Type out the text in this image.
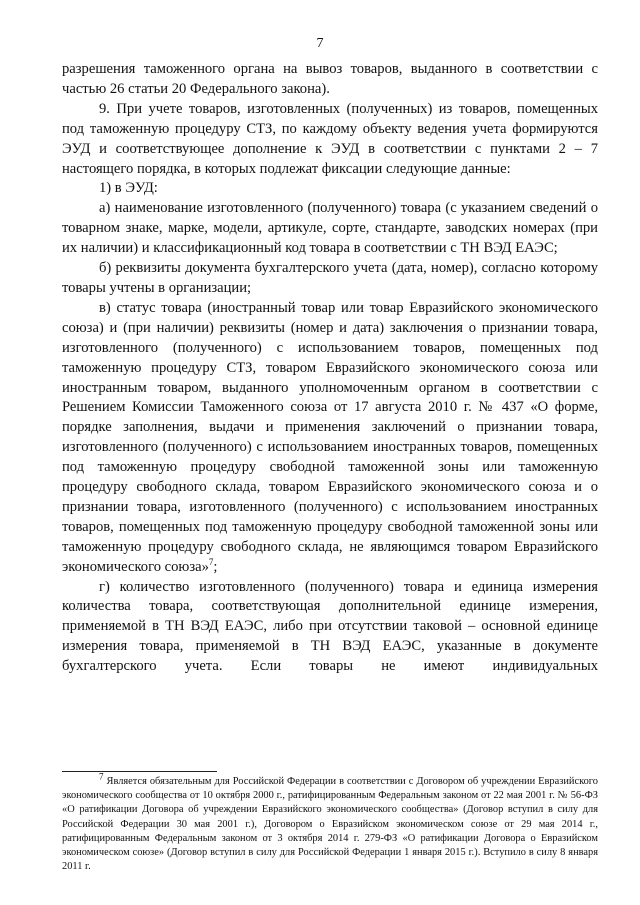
7

разрешения таможенного органа на вывоз товаров, выданного в соответствии с частью 26 статьи 20 Федерального закона).

9. При учете товаров, изготовленных (полученных) из товаров, помещенных под таможенную процедуру СТЗ, по каждому объекту ведения учета формируются ЭУД и соответствующее дополнение к ЭУД в соответствии с пунктами 2 – 7 настоящего порядка, в которых подлежат фиксации следующие данные:

1) в ЭУД:

а) наименование изготовленного (полученного) товара (с указанием сведений о товарном знаке, марке, модели, артикуле, сорте, стандарте, заводских номерах (при их наличии) и классификационный код товара в соответствии с ТН ВЭД ЕАЭС;

б) реквизиты документа бухгалтерского учета (дата, номер), согласно которому товары учтены в организации;

в) статус товара (иностранный товар или товар Евразийского экономического союза) и (при наличии) реквизиты (номер и дата) заключения о признании товара, изготовленного (полученного) с использованием товаров, помещенных под таможенную процедуру СТЗ, товаром Евразийского экономического союза или иностранным товаром, выданного уполномоченным органом в соответствии с Решением Комиссии Таможенного союза от 17 августа 2010 г. № 437 «О форме, порядке заполнения, выдачи и применения заключений о признании товара, изготовленного (полученного) с использованием иностранных товаров, помещенных под таможенную процедуру свободной таможенной зоны или таможенную процедуру свободного склада, товаром Евразийского экономического союза и о признании товара, изготовленного (полученного) с использованием иностранных товаров, помещенных под таможенную процедуру свободной таможенной зоны или таможенную процедуру свободного склада, не являющимся товаром Евразийского экономического союза»$^7$;

г) количество изготовленного (полученного) товара и единица измерения количества товара, соответствующая дополнительной единице измерения, применяемой в ТН ВЭД ЕАЭС, либо при отсутствии таковой – основной единице измерения товара, применяемой в ТН ВЭД ЕАЭС, указанные в документе бухгалтерского учета. Если товары не имеют индивидуальных

$^7$ Является обязательным для Российской Федерации в соответствии с Договором об учреждении Евразийского экономического сообщества от 10 октября 2000 г., ратифицированным Федеральным законом от 22 мая 2001 г. № 56-ФЗ «О ратификации Договора об учреждении Евразийского экономического сообщества» (Договор вступил в силу для Российской Федерации 30 мая 2001 г.), Договором о Евразийском экономическом союзе от 29 мая 2014 г., ратифицированным Федеральным законом от 3 октября 2014 г. 279-ФЗ «О ратификации Договора о Евразийском экономическом союзе» (Договор вступил в силу для Российской Федерации 1 января 2015 г.). Вступило в силу 8 января 2011 г.
